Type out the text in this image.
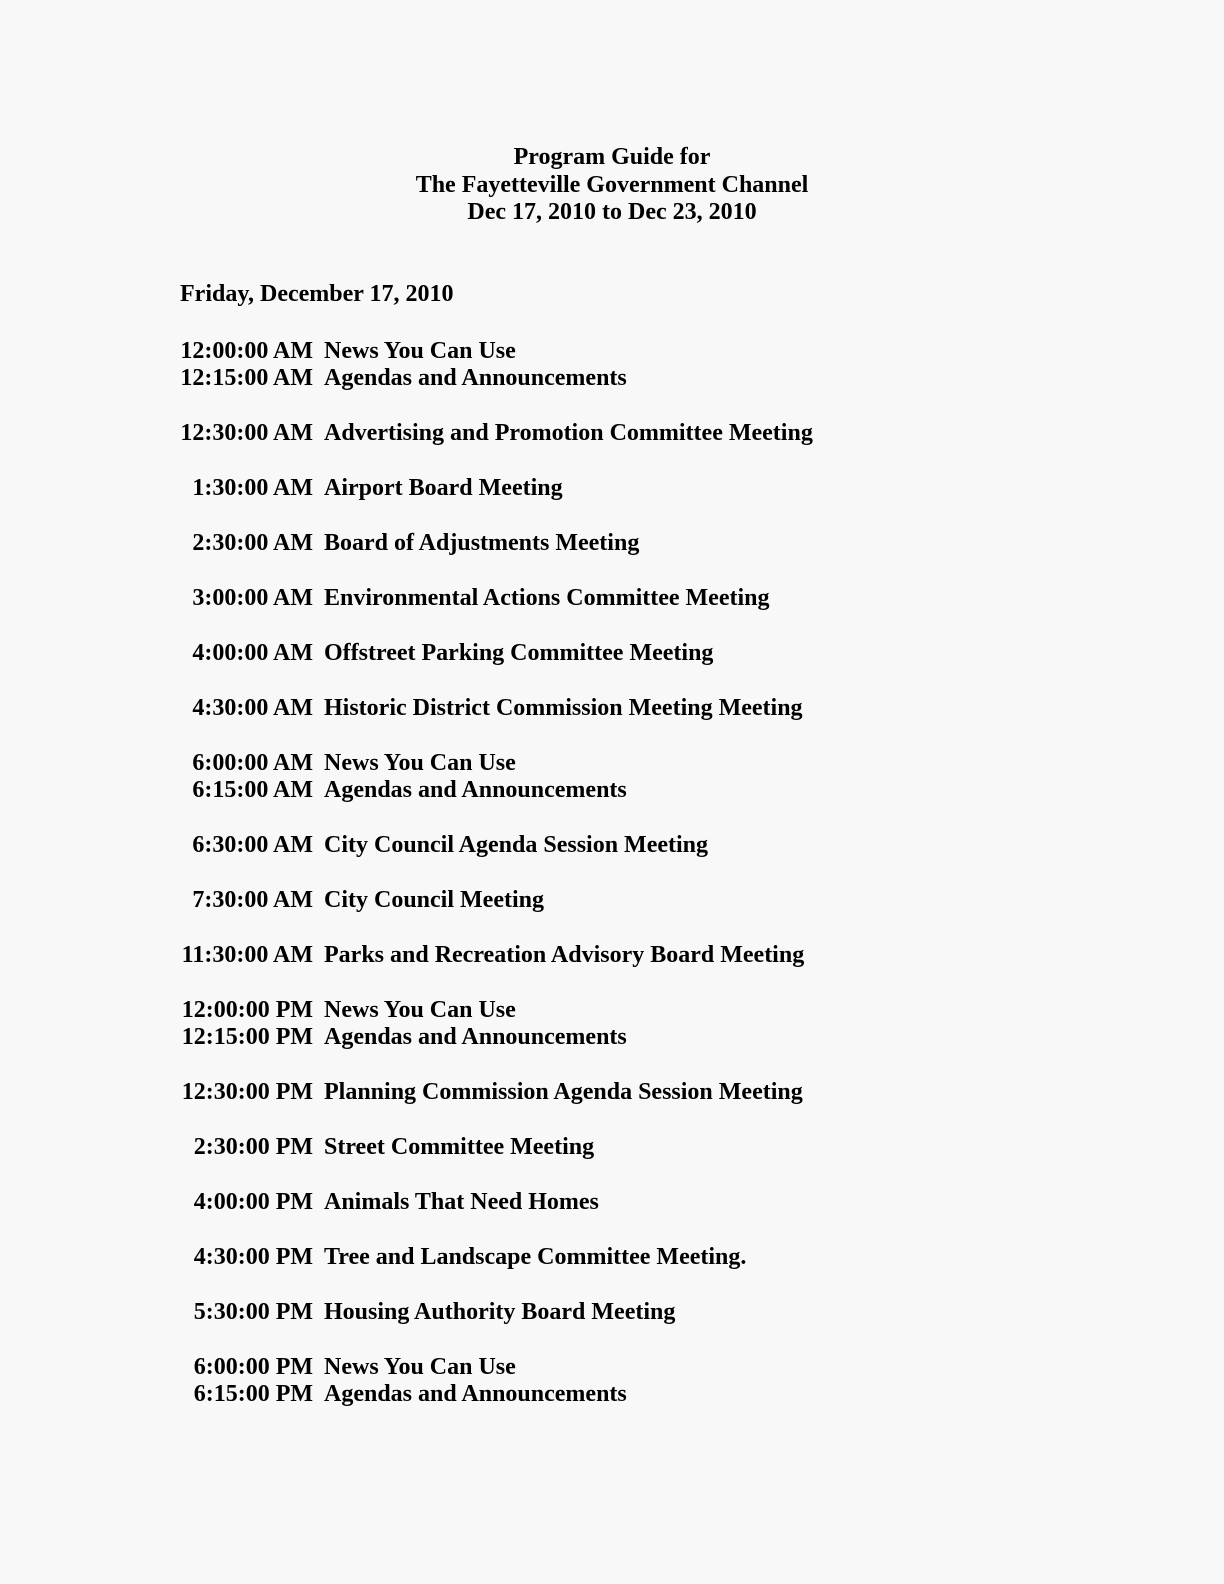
Program Guide for
The Fayetteville Government Channel
Dec 17, 2010 to Dec 23, 2010
Friday, December 17, 2010
12:00:00 AM News You Can Use
12:15:00 AM Agendas and Announcements
12:30:00 AM Advertising and Promotion Committee Meeting
1:30:00 AM Airport Board Meeting
2:30:00 AM Board of Adjustments Meeting
3:00:00 AM Environmental Actions Committee Meeting
4:00:00 AM Offstreet Parking Committee Meeting
4:30:00 AM Historic District Commission Meeting Meeting
6:00:00 AM News You Can Use
6:15:00 AM Agendas and Announcements
6:30:00 AM City Council Agenda Session Meeting
7:30:00 AM City Council Meeting
11:30:00 AM Parks and Recreation Advisory Board Meeting
12:00:00 PM News You Can Use
12:15:00 PM Agendas and Announcements
12:30:00 PM Planning Commission Agenda Session Meeting
2:30:00 PM Street Committee Meeting
4:00:00 PM Animals That Need Homes
4:30:00 PM Tree and Landscape Committee Meeting.
5:30:00 PM Housing Authority Board Meeting
6:00:00 PM News You Can Use
6:15:00 PM Agendas and Announcements
